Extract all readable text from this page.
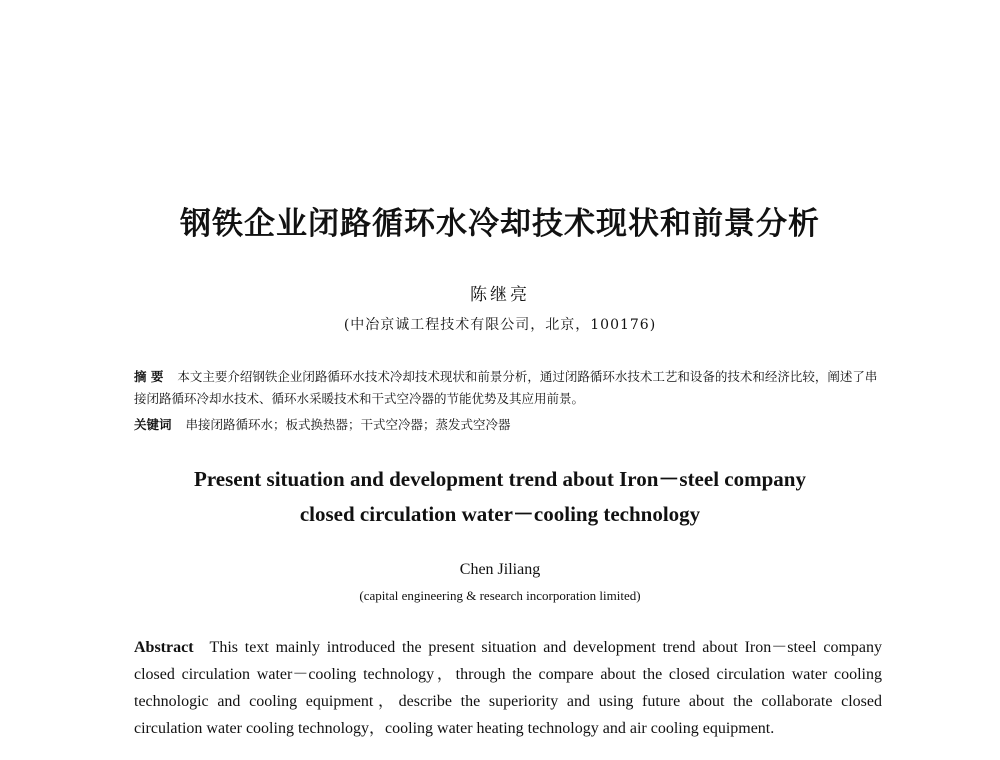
钢铁企业闭路循环水冷却技术现状和前景分析
陈继亮
(中冶京诚工程技术有限公司，北京，100176)
摘 要 本文主要介绍钢铁企业闭路循环水技术冷却技术现状和前景分析，通过闭路循环水技术工艺和设备的技术和经济比较，阐述了串接闭路循环冷却水技术、循环水采暖技术和干式空冷器的节能优势及其应用前景。
关键词 串接闭路循环水；板式换热器；干式空冷器；蒸发式空冷器
Present situation and development trend about Iron－steel company
closed circulation water－cooling technology
Chen Jiliang
(capital engineering & research incorporation limited)
Abstract This text mainly introduced the present situation and development trend about Iron－steel company closed circulation water－cooling technology，through the compare about the closed circulation water cooling technologic and cooling equipment，describe the superiority and using future about the collaborate closed circulation water cooling technology，cooling water heating technology and air cooling equipment.
